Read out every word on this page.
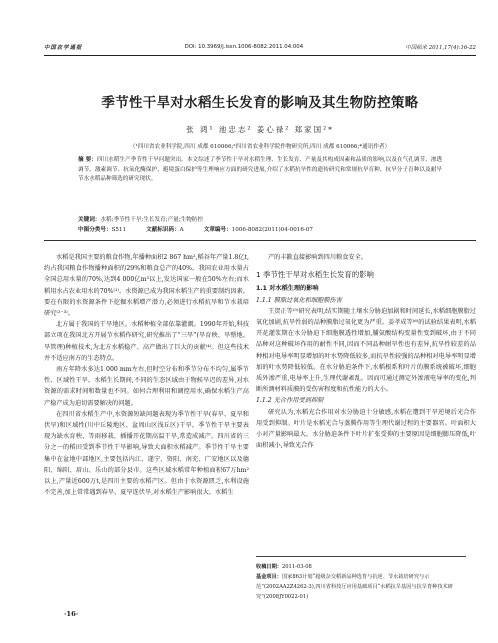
中国农学通报	DOI: 10.3969/j.issn.1006-8082.2011.04.004	中国稻米 2011,17(4):16-22
季节性干旱对水稻生长发育的影响及其生物防控策略
张 鸿¹ 池忠志² 姜心禄² 郑家国²*
（¹四川省农业科学院,四川 成都 610066;²四川省农业科学院作物研究所,四川 成都 610066;*通讯作者）
摘 要：四川水稻生产季节性干旱问题突出。本文综述了季节性干旱对水稻生理、生长发育、产量及其构成因素和品质的影响,以及在气孔调节、渗透调节、激素调节、抗氧化酶保护、避境蛋白保护等生理响应方面的研究进展,介绍了水稻抗旱性的遗传研究和常规抗旱育种、抗旱分子育种以及耐旱节水水稻品种筛选的研究现状。
关键词：水稻;季节性干旱;生长发育;产量;生物防控
中图分类号：S511	文献标识码：A	文章编号：1006-8082(2011)04-0016-07

水稻是我国主要的粮食作物,年播种面积2 867 hm²,稻谷年产量1.8亿t,约占我国粮食作物播种面积的29%和粮食总产的40%。我国农业用水量占全国总用水量的70%,达到4 000亿m³以上,发达国家一般在50%左右;而水稻用水占农业用水的70%⁽¹⁾。水资源已成为我国水稻生产的重要制约因素。要在有限的水资源条件下挖掘水稻增产潜力,必须进行水稻抗旱和节水栽培研究⁽²⁻³⁾。

北方属于我国的干旱地区。水稻种植全部依靠灌溉。1990年开始,科技部立项在我国北方开展节水稻作研究,研究推出了“三旱”(旱育秧、旱整地、旱管理)种植技术,为北方水稻稳产、高产做出了巨大的贡献⁽⁴⁾。但这些技术并不适应南方的生态特点。

南方年降水多达1 000 mm左右,但时空分布和季节分布不均匀,属季节性、区域性干旱。水稻生长期间,不同的生态区域由于物候旱迟的差异,对水资源的需求时间和数量也不同。如何合理利用和调控用水,确保水稻生产高产稳产成为迫切需要解决的问题。

在四川省水稻生产中,水资源短缺问题表现为季节性干旱(春旱、夏旱和伏旱)和区域性(川中丘陵地区、盆周山区浅丘区)干旱。季节性干旱主要表现为缺水育秧、等雨移栽、插播开花期高温干旱,常造成减产。四川省的三分之一的稻田受到季节性干旱影响,导致大面积水稻减产。季节性干旱主要集中在盆地中部地区,主要包括内江、遂宁、资阳、南充、广安地区以及德阳、绵阳、眉山、乐山的部分县市。这些区域水稻常年种植面积67万hm²以上,产量近600万t,是四川主要的水稻产区。但由于水资源匮乏,水利设施不完善,加上常常遇到春旱、夏旱连伏旱,对水稻生产影响很大。水稻生

产的丰歉直接影响到四川粮食安全。

1 季节性干旱对水稻生长发育的影响
1.1 对水稻生理的影响
1.1.1 膜脂过氧化和细胞膜伤害

王贺正等⁽⁵⁾研究表明,结实期随土壤水分胁迫加剧和时间延长,水稻细胞膜脂过氧化加剧,抗旱性弱的品种膜脂过氧化更为严重。姜孝成等⁽⁶⁾的试验结果表明,水稻开花灌浆期在水分胁迫下细胞膜透性增加,脯氨酸结构变量性变到破坏,由于不同品种对这种破坏作用的耐性不同,因而不同品种耐旱性也有差异,抗旱性较差的品种相对电导率明显增加的叶水势降低较多,而抗旱性较强的品种相对电导率明显增加的叶水势降低较低。在水分胁迫条件下,水稻根系和叶片的膜系统被破坏,细胞质外渗严重,电导率上升,生理代谢紊乱。因而可通过测定外渗液电导率的变化,判断所测材料质膜的受伤害程度和抗性能力的大小。

1.1.2 光合作用受到抑制

研究认为,水稻光合作用对水分胁迫十分敏感,水稻在遭到干旱逆境后光合作用受到抑制。叶片是水稻光合与蒸腾作用等生理代谢过程的主要器官。叶面积大小对产量影响最大。水分胁迫条件下叶片扩张受抑的主要原因是细胞膨压降低,叶面积减小,导致光合作

收稿日期：2011-03-08
基金项目：国家863计划“超级杂交稻新品种选育与抗逆、节水栽培研究与示范”(2002AA2Z4262-3),四川省科技厅应用基础项目“水稻抗旱基因与抗旱育种技术研究”(2008JY0022-01)
·16·
